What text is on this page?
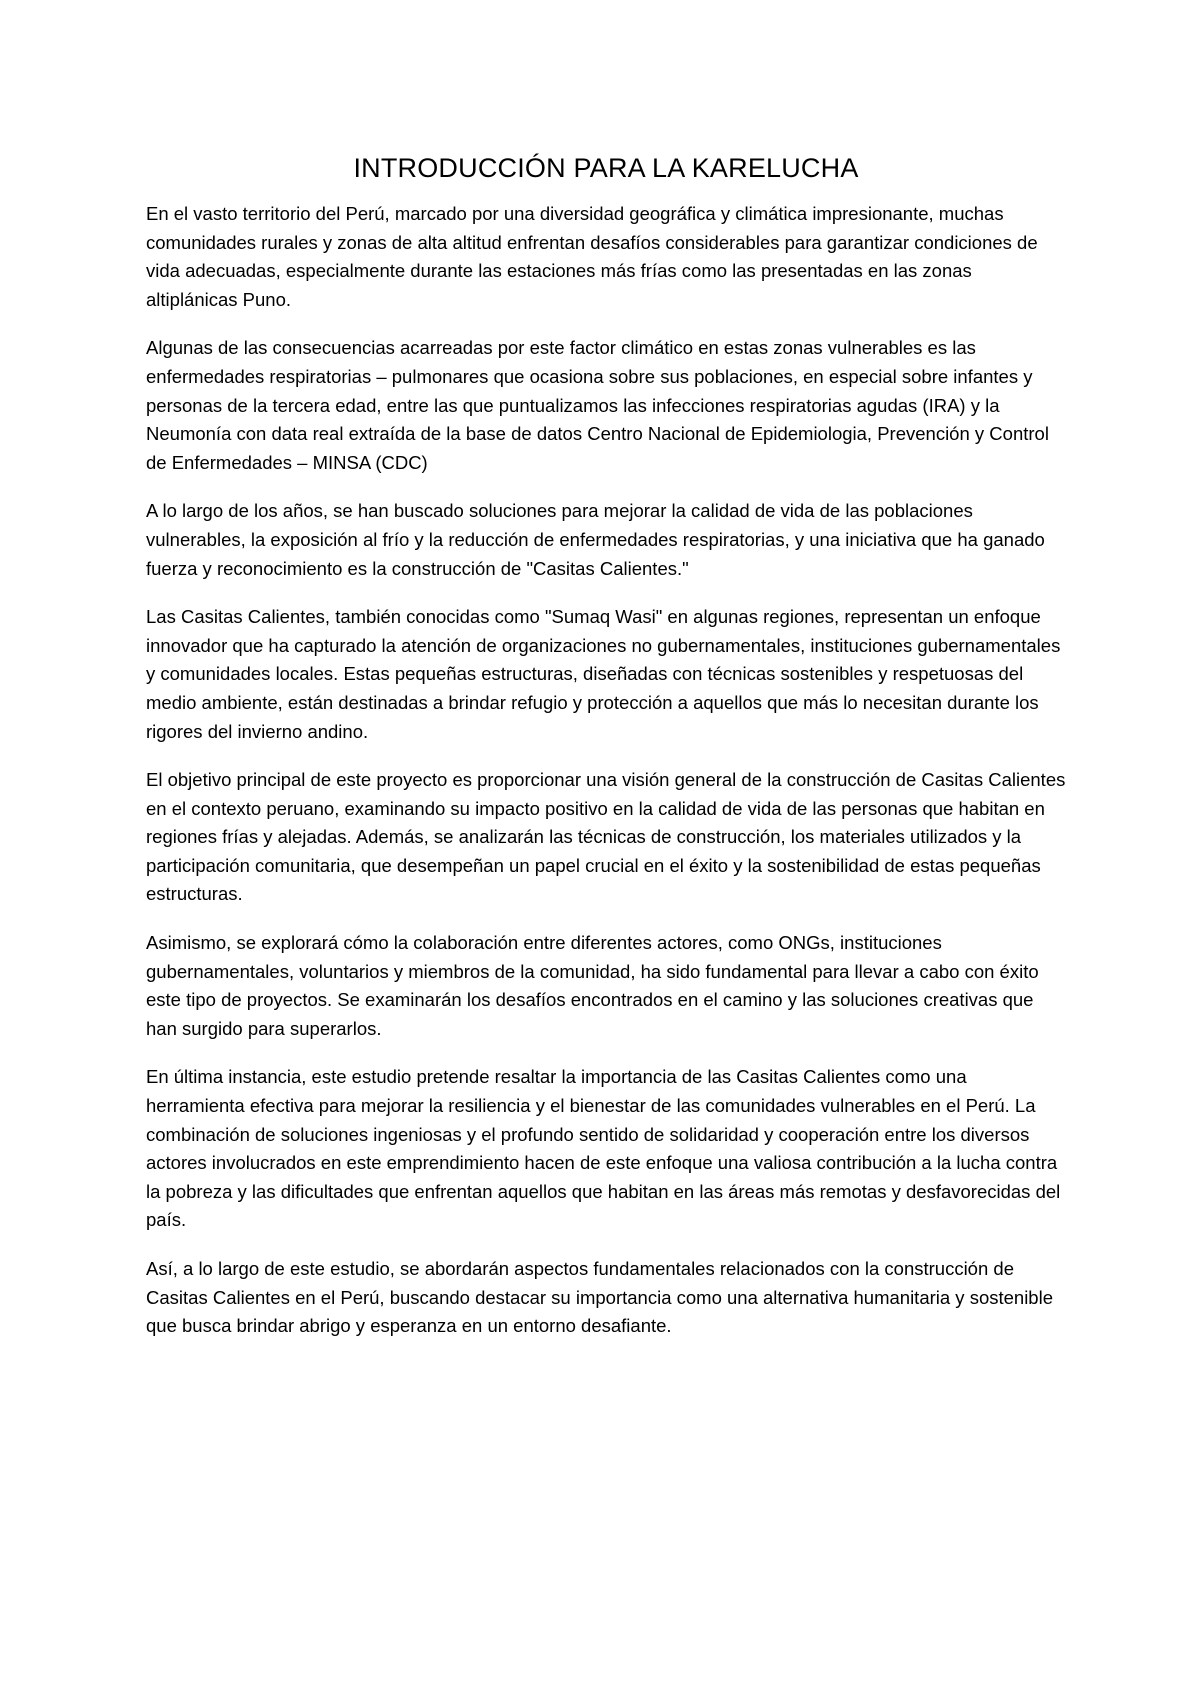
INTRODUCCIÓN PARA LA KARELUCHA

En el vasto territorio del Perú, marcado por una diversidad geográfica y climática impresionante, muchas comunidades rurales y zonas de alta altitud enfrentan desafíos considerables para garantizar condiciones de vida adecuadas, especialmente durante las estaciones más frías como las presentadas en las zonas altiplánicas Puno.

Algunas de las consecuencias acarreadas por este factor climático en estas zonas vulnerables es las enfermedades respiratorias – pulmonares que ocasiona sobre sus poblaciones, en especial sobre infantes y personas de la tercera edad, entre las que puntualizamos las infecciones respiratorias agudas (IRA) y la Neumonía con data real extraída de la base de datos Centro Nacional de Epidemiologia, Prevención y Control de Enfermedades – MINSA (CDC)

A lo largo de los años, se han buscado soluciones para mejorar la calidad de vida de las poblaciones vulnerables, la exposición al frío y la reducción de enfermedades respiratorias, y una iniciativa que ha ganado fuerza y reconocimiento es la construcción de "Casitas Calientes."

Las Casitas Calientes, también conocidas como "Sumaq Wasi" en algunas regiones, representan un enfoque innovador que ha capturado la atención de organizaciones no gubernamentales, instituciones gubernamentales y comunidades locales. Estas pequeñas estructuras, diseñadas con técnicas sostenibles y respetuosas del medio ambiente, están destinadas a brindar refugio y protección a aquellos que más lo necesitan durante los rigores del invierno andino.

El objetivo principal de este proyecto es proporcionar una visión general de la construcción de Casitas Calientes en el contexto peruano, examinando su impacto positivo en la calidad de vida de las personas que habitan en regiones frías y alejadas. Además, se analizarán las técnicas de construcción, los materiales utilizados y la participación comunitaria, que desempeñan un papel crucial en el éxito y la sostenibilidad de estas pequeñas estructuras.

Asimismo, se explorará cómo la colaboración entre diferentes actores, como ONGs, instituciones gubernamentales, voluntarios y miembros de la comunidad, ha sido fundamental para llevar a cabo con éxito este tipo de proyectos. Se examinarán los desafíos encontrados en el camino y las soluciones creativas que han surgido para superarlos.

En última instancia, este estudio pretende resaltar la importancia de las Casitas Calientes como una herramienta efectiva para mejorar la resiliencia y el bienestar de las comunidades vulnerables en el Perú. La combinación de soluciones ingeniosas y el profundo sentido de solidaridad y cooperación entre los diversos actores involucrados en este emprendimiento hacen de este enfoque una valiosa contribución a la lucha contra la pobreza y las dificultades que enfrentan aquellos que habitan en las áreas más remotas y desfavorecidas del país.

Así, a lo largo de este estudio, se abordarán aspectos fundamentales relacionados con la construcción de Casitas Calientes en el Perú, buscando destacar su importancia como una alternativa humanitaria y sostenible que busca brindar abrigo y esperanza en un entorno desafiante.
